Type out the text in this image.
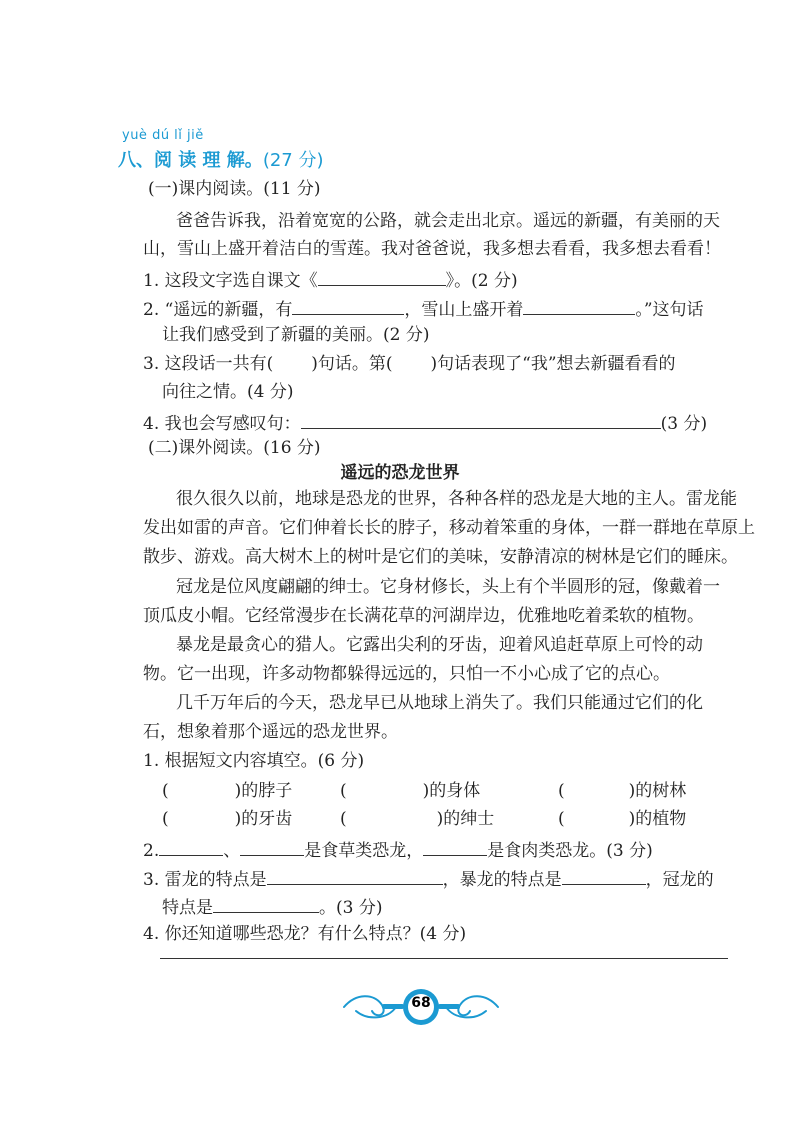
yuè dú lǐ jiě
八、阅 读 理 解。(27 分)
(一)课内阅读。(11 分)
爸爸告诉我，沿着宽宽的公路，就会走出北京。遥远的新疆，有美丽的天
山，雪山上盛开着洁白的雪莲。我对爸爸说，我多想去看看，我多想去看看！
1. 这段文字选自课文《	》。(2 分)
2. “遥远的新疆，有	，雪山上盛开着	。”这句话
让我们感受到了新疆的美丽。(2 分)
3. 这段话一共有( )句话。第( )句话表现了“我”想去新疆看看的
向往之情。(4 分)
4. 我也会写感叹句：	(3 分)
(二)课外阅读。(16 分)
遥远的恐龙世界
很久很久以前，地球是恐龙的世界，各种各样的恐龙是大地的主人。雷龙能
发出如雷的声音。它们伸着长长的脖子，移动着笨重的身体，一群一群地在草原上
散步、游戏。高大树木上的树叶是它们的美味，安静清凉的树林是它们的睡床。
冠龙是位风度翩翩的绅士。它身材修长，头上有个半圆形的冠，像戴着一
顶瓜皮小帽。它经常漫步在长满花草的河湖岸边，优雅地吃着柔软的植物。
暴龙是最贪心的猎人。它露出尖利的牙齿，迎着风追赶草原上可怜的动
物。它一出现，许多动物都躲得远远的，只怕一不小心成了它的点心。
几千万年后的今天，恐龙早已从地球上消失了。我们只能通过它们的化
石，想象着那个遥远的恐龙世界。
1. 根据短文内容填空。(6 分)
(	)的脖子	(	)的身体	(	)的树林
(	)的牙齿	(	)的绅士	(	)的植物
2.	、	是食草类恐龙，	是食肉类恐龙。(3 分)
3. 雷龙的特点是	，暴龙的特点是	，冠龙的
特点是	。(3 分)
4. 你还知道哪些恐龙？有什么特点？(4 分)
68
